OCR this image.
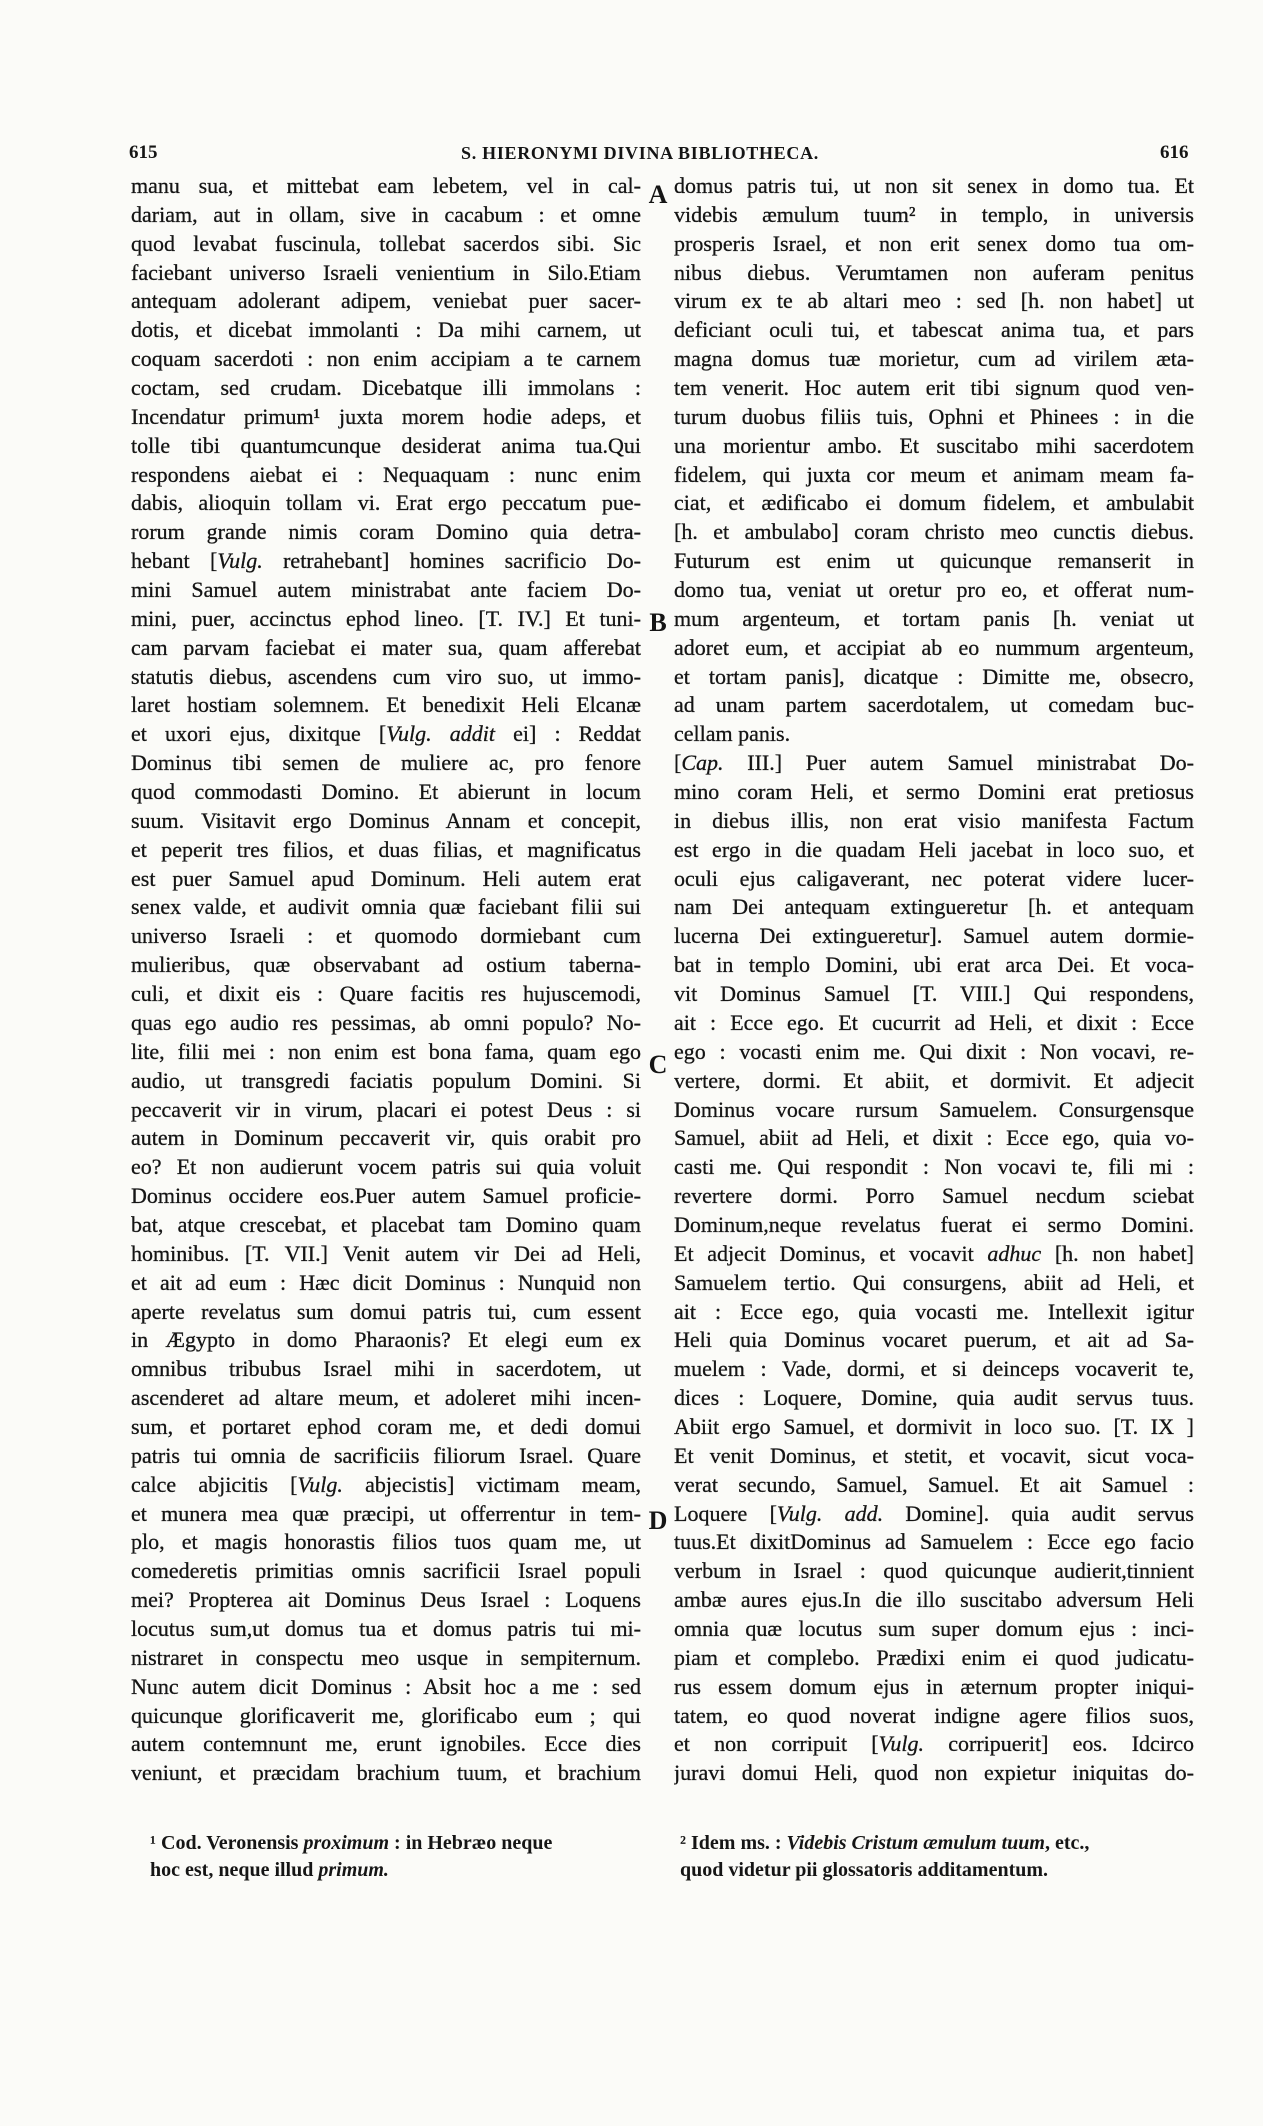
615	S. HIERONYMI DIVINA BIBLIOTHECA.	616
manu sua, et mittebat eam lebetem, vel in cal-
dariam, aut in ollam, sive in cacabum : et omne
quod levabat fuscinula, tollebat sacerdos sibi. Sic
faciebant universo Israeli venientium in Silo.Etiam
antequam adolerant adipem, veniebat puer sacer-
dotis, et dicebat immolanti : Da mihi carnem, ut
coquam sacerdoti : non enim accipiam a te carnem
coctam, sed crudam. Dicebatque illi immolans :
Incendatur primum¹ juxta morem hodie adeps, et
tolle tibi quantumcunque desiderat anima tua.Qui
respondens aiebat ei : Nequaquam : nunc enim
dabis, alioquin tollam vi. Erat ergo peccatum pue-
rorum grande nimis coram Domino quia detra-
hebant [Vulg. retrahebant] homines sacrificio Do-
mini Samuel autem ministrabat ante faciem Do-
mini, puer, accinctus ephod lineo. [T. IV.] Et tuni-
cam parvam faciebat ei mater sua, quam afferebat
statutis diebus, ascendens cum viro suo, ut immo-
laret hostiam solemnem. Et benedixit Heli Elcanæ
et uxori ejus, dixitque [Vulg. addit ei] : Reddat
Dominus tibi semen de muliere ac, pro fenore
quod commodasti Domino. Et abierunt in locum
suum. Visitavit ergo Dominus Annam et concepit,
et peperit tres filios, et duas filias, et magnificatus
est puer Samuel apud Dominum. Heli autem erat
senex valde, et audivit omnia quæ faciebant filii sui
universo Israeli : et quomodo dormiebant cum
mulieribus, quæ observabant ad ostium taberna-
culi, et dixit eis : Quare facitis res hujuscemodi,
quas ego audio res pessimas, ab omni populo? No-
lite, filii mei : non enim est bona fama, quam ego
audio, ut transgredi faciatis populum Domini. Si
peccaverit vir in virum, placari ei potest Deus : si
autem in Dominum peccaverit vir, quis orabit pro
eo? Et non audierunt vocem patris sui quia voluit
Dominus occidere eos.Puer autem Samuel proficie-
bat, atque crescebat, et placebat tam Domino quam
hominibus. [T. VII.] Venit autem vir Dei ad Heli,
et ait ad eum : Hæc dicit Dominus : Nunquid non
aperte revelatus sum domui patris tui, cum essent
in Ægypto in domo Pharaonis? Et elegi eum ex
omnibus tribubus Israel mihi in sacerdotem, ut
ascenderet ad altare meum, et adoleret mihi incen-
sum, et portaret ephod coram me, et dedi domui
patris tui omnia de sacrificiis filiorum Israel. Quare
calce abjicitis [Vulg. abjecistis] victimam meam,
et munera mea quæ præcipi, ut offerrentur in tem-
plo, et magis honorastis filios tuos quam me, ut
comederetis primitias omnis sacrificii Israel populi
mei? Propterea ait Dominus Deus Israel : Loquens
locutus sum,ut domus tua et domus patris tui mi-
nistraret in conspectu meo usque in sempiternum.
Nunc autem dicit Dominus : Absit hoc a me : sed
quicunque glorificaverit me, glorificabo eum ; qui
autem contemnunt me, erunt ignobiles. Ecce dies
veniunt, et præcidam brachium tuum, et brachium
domus patris tui, ut non sit senex in domo tua. Et
videbis æmulum tuum² in templo, in universis
prosperis Israel, et non erit senex domo tua om-
nibus diebus. Verumtamen non auferam penitus
virum ex te ab altari meo : sed [h. non habet] ut
deficiant oculi tui, et tabescat anima tua, et pars
magna domus tuæ morietur, cum ad virilem æta-
tem venerit. Hoc autem erit tibi signum quod ven-
turum duobus filiis tuis, Ophni et Phinees : in die
una morientur ambo. Et suscitabo mihi sacerdotem
fidelem, qui juxta cor meum et animam meam fa-
ciat, et ædificabo ei domum fidelem, et ambulabit
[h. et ambulabo] coram christo meo cunctis diebus.
Futurum est enim ut quicunque remanserit in
domo tua, veniat ut oretur pro eo, et offerat num-
mum argenteum, et tortam panis [h. veniat ut
adoret eum, et accipiat ab eo nummum argenteum,
et tortam panis], dicatque : Dimitte me, obsecro,
ad unam partem sacerdotalem, ut comedam buc-
cellam panis.
[Cap. III.] Puer autem Samuel ministrabat Do-
mino coram Heli, et sermo Domini erat pretiosus
in diebus illis, non erat visio manifesta Factum
est ergo in die quadam Heli jacebat in loco suo, et
oculi ejus caligaverant, nec poterat videre lucer-
nam Dei antequam extingueretur [h. et antequam
lucerna Dei extingueretur]. Samuel autem dormie-
bat in templo Domini, ubi erat arca Dei. Et voca-
vit Dominus Samuel [T. VIII.] Qui respondens,
ait : Ecce ego. Et cucurrit ad Heli, et dixit : Ecce
ego : vocasti enim me. Qui dixit : Non vocavi, re-
vertere, dormi. Et abiit, et dormivit. Et adjecit
Dominus vocare rursum Samuelem. Consurgensque
Samuel, abiit ad Heli, et dixit : Ecce ego, quia vo-
casti me. Qui respondit : Non vocavi te, fili mi :
revertere dormi. Porro Samuel necdum sciebat
Dominum,neque revelatus fuerat ei sermo Domini.
Et adjecit Dominus, et vocavit adhuc [h. non habet]
Samuelem tertio. Qui consurgens, abiit ad Heli, et
ait : Ecce ego, quia vocasti me. Intellexit igitur
Heli quia Dominus vocaret puerum, et ait ad Sa-
muelem : Vade, dormi, et si deinceps vocaverit te,
dices : Loquere, Domine, quia audit servus tuus.
Abiit ergo Samuel, et dormivit in loco suo. [T. IX ]
Et venit Dominus, et stetit, et vocavit, sicut voca-
verat secundo, Samuel, Samuel. Et ait Samuel :
Loquere [Vulg. add. Domine]. quia audit servus
tuus.Et dixitDominus ad Samuelem : Ecce ego facio
verbum in Israel : quod quicunque audierit,tinnient
ambæ aures ejus.In die illo suscitabo adversum Heli
omnia quæ locutus sum super domum ejus : inci-
piam et complebo. Prædixi enim ei quod judicatu-
rus essem domum ejus in æternum propter iniqui-
tatem, eo quod noverat indigne agere filios suos,
et non corripuit [Vulg. corripuerit] eos. Idcirco
juravi domui Heli, quod non expietur iniquitas do-
A
B
C
D
¹ Cod. Veronensis proximum : in Hebræo neque
hoc est, neque illud primum.
² Idem ms. : Videbis Cristum æmulum tuum, etc.,
quod videtur pii glossatoris additamentum.
